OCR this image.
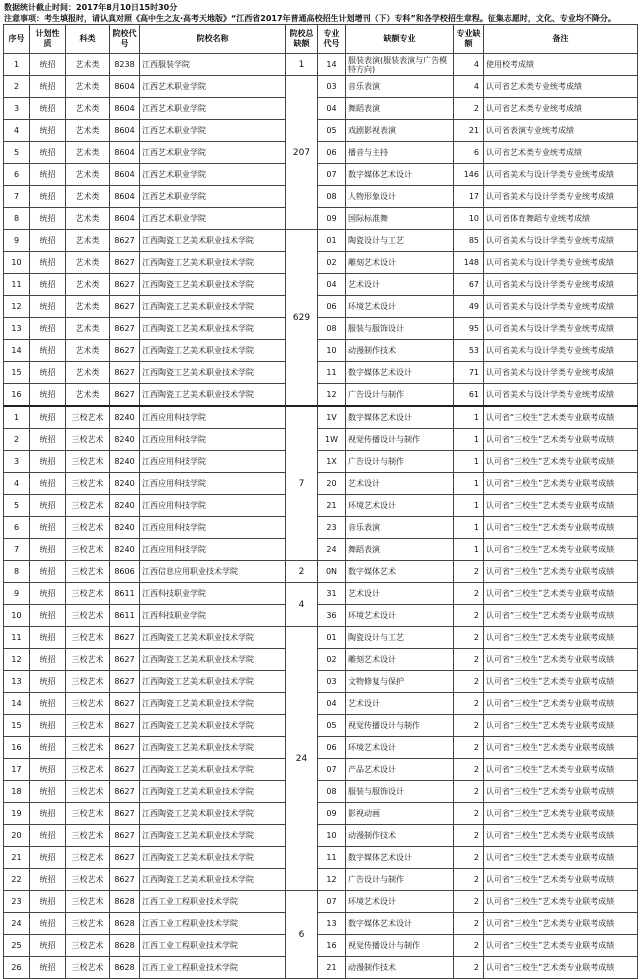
数据统计截止时间：2017年8月10日15时30分
注意事项：考生填报时，请认真对照《高中生之友·高考天地版》“江西省2017年普通高校招生计划增刊（下）专科”和各学校招生章程。征集志愿时，文化、专业均不降分。
序号	计划性质	科类	院校代号	院校名称	院校总缺额	专业代号	缺额专业	专业缺额	备注
1	统招	艺术类	8238	江西服装学院	1	14	服装表演(服装表演与广告模特方向)	4	使用校考成绩
2	统招	艺术类	8604	江西艺术职业学院	207	03	音乐表演	4	认可省艺术类专业统考成绩
3	统招	艺术类	8604	江西艺术职业学院		04	舞蹈表演	2	认可省艺术类专业统考成绩
4	统招	艺术类	8604	江西艺术职业学院		05	戏剧影视表演	21	认可省表演专业统考成绩
5	统招	艺术类	8604	江西艺术职业学院		06	播音与主持	6	认可省艺术类专业统考成绩
6	统招	艺术类	8604	江西艺术职业学院		07	数字媒体艺术设计	146	认可省美术与设计学类专业统考成绩
7	统招	艺术类	8604	江西艺术职业学院		08	人物形象设计	17	认可省美术与设计学类专业统考成绩
8	统招	艺术类	8604	江西艺术职业学院		09	国际标准舞	10	认可省体育舞蹈专业统考成绩
9	统招	艺术类	8627	江西陶瓷工艺美术职业技术学院	629	01	陶瓷设计与工艺	85	认可省美术与设计学类专业统考成绩
10	统招	艺术类	8627	江西陶瓷工艺美术职业技术学院		02	雕刻艺术设计	148	认可省美术与设计学类专业统考成绩
11	统招	艺术类	8627	江西陶瓷工艺美术职业技术学院		04	艺术设计	67	认可省美术与设计学类专业统考成绩
12	统招	艺术类	8627	江西陶瓷工艺美术职业技术学院		06	环境艺术设计	49	认可省美术与设计学类专业统考成绩
13	统招	艺术类	8627	江西陶瓷工艺美术职业技术学院		08	服装与服饰设计	95	认可省美术与设计学类专业统考成绩
14	统招	艺术类	8627	江西陶瓷工艺美术职业技术学院		10	动漫制作技术	53	认可省美术与设计学类专业统考成绩
15	统招	艺术类	8627	江西陶瓷工艺美术职业技术学院		11	数字媒体艺术设计	71	认可省美术与设计学类专业统考成绩
16	统招	艺术类	8627	江西陶瓷工艺美术职业技术学院		12	广告设计与制作	61	认可省美术与设计学类专业统考成绩
1	统招	三校艺术	8240	江西应用科技学院	7	1V	数字媒体艺术设计	1	认可省“三校生”艺术类专业联考成绩
2	统招	三校艺术	8240	江西应用科技学院		1W	视觉传播设计与制作	1	认可省“三校生”艺术类专业联考成绩
3	统招	三校艺术	8240	江西应用科技学院		1X	广告设计与制作	1	认可省“三校生”艺术类专业联考成绩
4	统招	三校艺术	8240	江西应用科技学院		20	艺术设计	1	认可省“三校生”艺术类专业联考成绩
5	统招	三校艺术	8240	江西应用科技学院		21	环境艺术设计	1	认可省“三校生”艺术类专业联考成绩
6	统招	三校艺术	8240	江西应用科技学院		23	音乐表演	1	认可省“三校生”艺术类专业联考成绩
7	统招	三校艺术	8240	江西应用科技学院		24	舞蹈表演	1	认可省“三校生”艺术类专业联考成绩
8	统招	三校艺术	8606	江西信息应用职业技术学院	2	0N	数字媒体艺术	2	认可省“三校生”艺术类专业联考成绩
9	统招	三校艺术	8611	江西科技职业学院	4	31	艺术设计	2	认可省“三校生”艺术类专业联考成绩
10	统招	三校艺术	8611	江西科技职业学院		36	环境艺术设计	2	认可省“三校生”艺术类专业联考成绩
11	统招	三校艺术	8627	江西陶瓷工艺美术职业技术学院	24	01	陶瓷设计与工艺	2	认可省“三校生”艺术类专业联考成绩
12	统招	三校艺术	8627	江西陶瓷工艺美术职业技术学院		02	雕刻艺术设计	2	认可省“三校生”艺术类专业联考成绩
13	统招	三校艺术	8627	江西陶瓷工艺美术职业技术学院		03	文物修复与保护	2	认可省“三校生”艺术类专业联考成绩
14	统招	三校艺术	8627	江西陶瓷工艺美术职业技术学院		04	艺术设计	2	认可省“三校生”艺术类专业联考成绩
15	统招	三校艺术	8627	江西陶瓷工艺美术职业技术学院		05	视觉传播设计与制作	2	认可省“三校生”艺术类专业联考成绩
16	统招	三校艺术	8627	江西陶瓷工艺美术职业技术学院		06	环境艺术设计	2	认可省“三校生”艺术类专业联考成绩
17	统招	三校艺术	8627	江西陶瓷工艺美术职业技术学院		07	产品艺术设计	2	认可省“三校生”艺术类专业联考成绩
18	统招	三校艺术	8627	江西陶瓷工艺美术职业技术学院		08	服装与服饰设计	2	认可省“三校生”艺术类专业联考成绩
19	统招	三校艺术	8627	江西陶瓷工艺美术职业技术学院		09	影视动画	2	认可省“三校生”艺术类专业联考成绩
20	统招	三校艺术	8627	江西陶瓷工艺美术职业技术学院		10	动漫制作技术	2	认可省“三校生”艺术类专业联考成绩
21	统招	三校艺术	8627	江西陶瓷工艺美术职业技术学院		11	数字媒体艺术设计	2	认可省“三校生”艺术类专业联考成绩
22	统招	三校艺术	8627	江西陶瓷工艺美术职业技术学院		12	广告设计与制作	2	认可省“三校生”艺术类专业联考成绩
23	统招	三校艺术	8628	江西工业工程职业技术学院	6	07	环境艺术设计	2	认可省“三校生”艺术类专业联考成绩
24	统招	三校艺术	8628	江西工业工程职业技术学院		13	数字媒体艺术设计	2	认可省“三校生”艺术类专业联考成绩
25	统招	三校艺术	8628	江西工业工程职业技术学院		16	视觉传播设计与制作	2	认可省“三校生”艺术类专业联考成绩
26	统招	三校艺术	8628	江西工业工程职业技术学院		21	动漫制作技术	2	认可省“三校生”艺术类专业联考成绩
